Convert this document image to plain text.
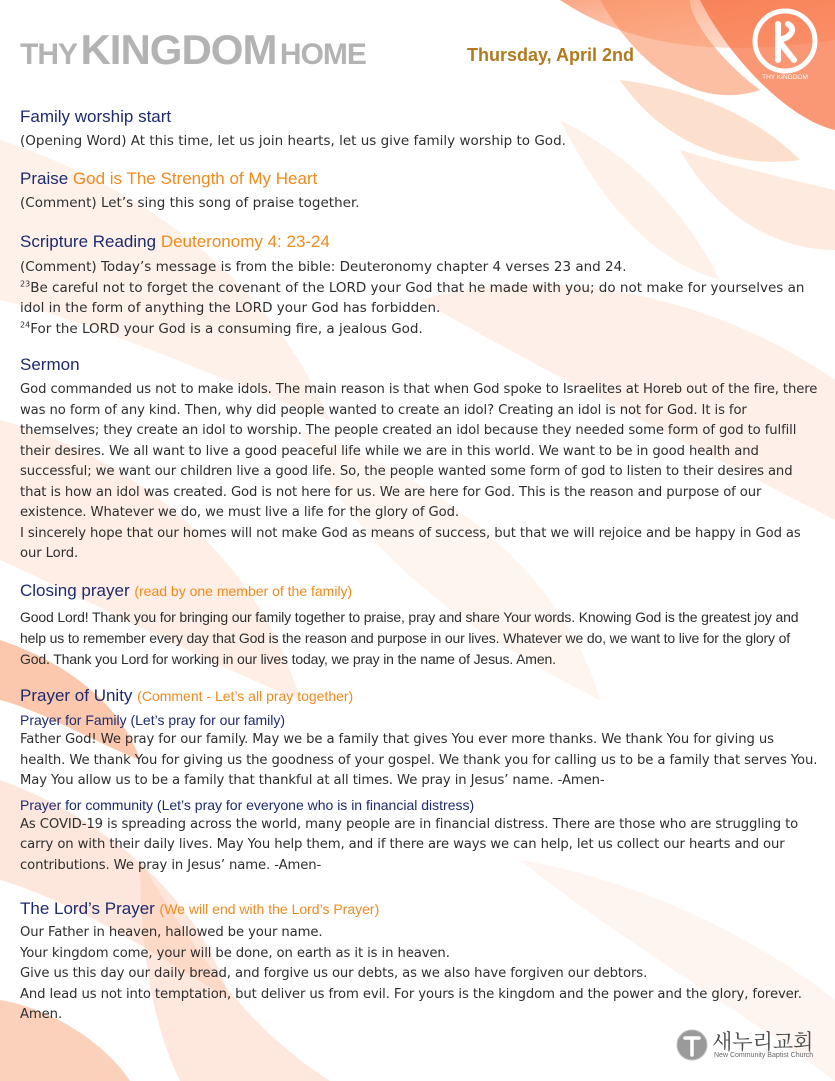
THY KINGDOM HOME	Thursday, April 2nd
THY KINGDOM
Family worship start

(Opening Word) At this time, let us join hearts, let us give family worship to God.

Praise God is The Strength of My Heart

(Comment) Let’s sing this song of praise together.

Scripture Reading Deuteronomy 4: 23-24

(Comment) Today’s message is from the bible: Deuteronomy chapter 4 verses 23 and 24.

$^{23}$Be careful not to forget the covenant of the LORD your God that he made with you; do not make for yourselves an idol in the form of anything the LORD your God has forbidden.

$^{24}$For the LORD your God is a consuming fire, a jealous God.

Sermon

God commanded us not to make idols. The main reason is that when God spoke to Israelites at Horeb out of the fire, there was no form of any kind. Then, why did people wanted to create an idol? Creating an idol is not for God. It is for themselves; they create an idol to worship. The people created an idol because they needed some form of god to fulfill their desires. We all want to live a good peaceful life while we are in this world. We want to be in good health and successful; we want our children live a good life. So, the people wanted some form of god to listen to their desires and that is how an idol was created. God is not here for us. We are here for God. This is the reason and purpose of our existence. Whatever we do, we must live a life for the glory of God.

I sincerely hope that our homes will not make God as means of success, but that we will rejoice and be happy in God as our Lord.

Closing prayer (read by one member of the family)

Good Lord! Thank you for bringing our family together to praise, pray and share Your words. Knowing God is the greatest joy and help us to remember every day that God is the reason and purpose in our lives. Whatever we do, we want to live for the glory of God. Thank you Lord for working in our lives today, we pray in the name of Jesus. Amen.

Prayer of Unity (Comment - Let’s all pray together)
Prayer for Family (Let’s pray for our family)

Father God! We pray for our family. May we be a family that gives You ever more thanks. We thank You for giving us health. We thank You for giving us the goodness of your gospel. We thank you for calling us to be a family that serves You. May You allow us to be a family that thankful at all times. We pray in Jesus’ name. -Amen-

Prayer for community (Let’s pray for everyone who is in financial distress)

As COVID-19 is spreading across the world, many people are in financial distress. There are those who are struggling to carry on with their daily lives. May You help them, and if there are ways we can help, let us collect our hearts and our contributions. We pray in Jesus’ name. -Amen-

The Lord’s Prayer (We will end with the Lord’s Prayer)

Our Father in heaven, hallowed be your name.

Your kingdom come, your will be done, on earth as it is in heaven.

Give us this day our daily bread, and forgive us our debts, as we also have forgiven our debtors.

And lead us not into temptation, but deliver us from evil. For yours is the kingdom and the power and the glory, forever. Amen.

새누리교회
New Community Baptist Church
